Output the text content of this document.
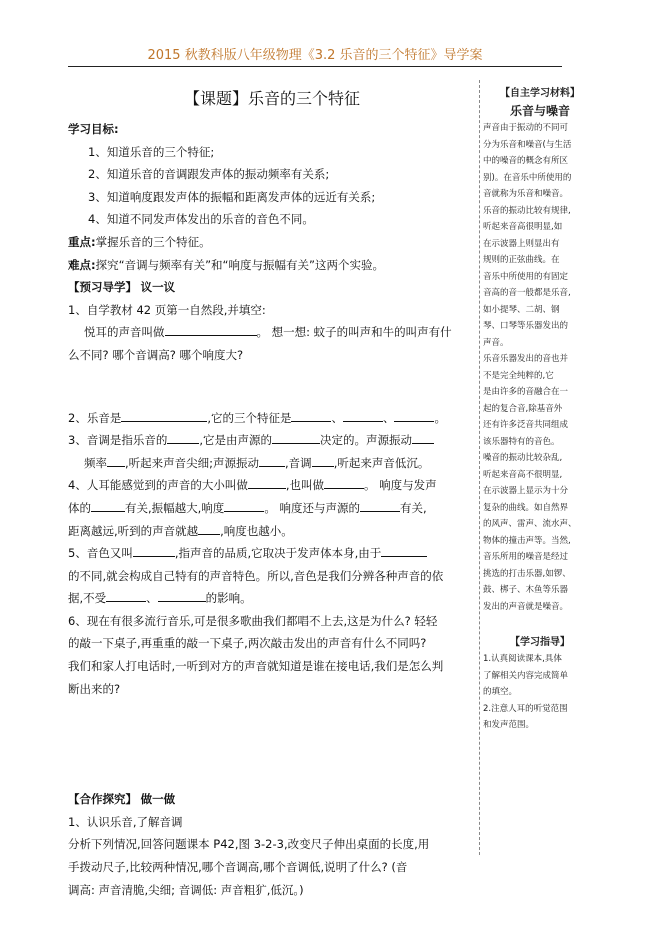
2015 秋教科版八年级物理《3.2 乐音的三个特征》导学案
【课题】乐音的三个特征
学习目标:
1、知道乐音的三个特征;
2、知道乐音的音调跟发声体的振动频率有关系;
3、知道响度跟发声体的振幅和距离发声体的远近有关系;
4、知道不同发声体发出的乐音的音色不同。
重点:掌握乐音的三个特征。
难点:探究“音调与频率有关”和“响度与振幅有关”这两个实验。
【预习导学】 议一议
1、自学教材 42 页第一自然段,并填空:
悦耳的声音叫做	。 想一想: 蚊子的叫声和牛的叫声有什
么不同? 哪个音调高? 哪个响度大?
2、乐音是	,它的三个特征是	、	、	。
3、音调是指乐音的	,它是由声源的	决定的。声源振动
频率 ,听起来声音尖细;声源振动 ,音调 ,听起来声音低沉。
4、人耳能感觉到的声音的大小叫做	,也叫做	。 响度与发声
体的	有关,振幅越大,响度	。 响度还与声源的	有关,
距离越远,听到的声音就越 ,响度也越小。
5、音色又叫	,指声音的品质,它取决于发声体本身,由于
的不同,就会构成自己特有的声音特色。所以,音色是我们分辨各种声音的依
据,不受	、	的影响。
6、现在有很多流行音乐,可是很多歌曲我们都唱不上去,这是为什么? 轻轻
的敲一下桌子,再重重的敲一下桌子,两次敲击发出的声音有什么不同吗?
我们和家人打电话时,一听到对方的声音就知道是谁在接电话,我们是怎么判
断出来的?
【合作探究】 做一做
1、认识乐音,了解音调
分析下列情况,回答问题课本 P42,图 3-2-3,改变尺子伸出桌面的长度,用
手拨动尺子,比较两种情况,哪个音调高,哪个音调低,说明了什么? (音
调高: 声音清脆,尖细; 音调低: 声音粗犷,低沉。)
【自主学习材料】
乐音与噪音

声音由于振动的不同可

分为乐音和噪音(与生活

中的噪音的概念有所区

别)。在音乐中所使用的

音就称为乐音和噪音。

乐音的振动比较有规律,

听起来音高很明显,如

在示波器上则显出有

规则的正弦曲线。在

音乐中所使用的有固定

音高的音一般都是乐音,

如小提琴、二胡、钢

琴、口琴等乐器发出的

声音。

乐音乐器发出的音也并

不是完全纯粹的,它

是由许多的音融合在一

起的复合音,除基音外

还有许多泛音共同组成

该乐器特有的音色。

噪音的振动比较杂乱,

听起来音高不很明显,

在示波器上显示为十分

复杂的曲线。如自然界

的风声、雷声、流水声、

物体的撞击声等。当然,

音乐所用的噪音是经过

挑选的打击乐器,如锣、

鼓、梆子、木鱼等乐器

发出的声音就是噪音。

【学习指导】

1.认真阅读课本,具体

了解相关内容完成简单

的填空。

2.注意人耳的听觉范围

和发声范围。
